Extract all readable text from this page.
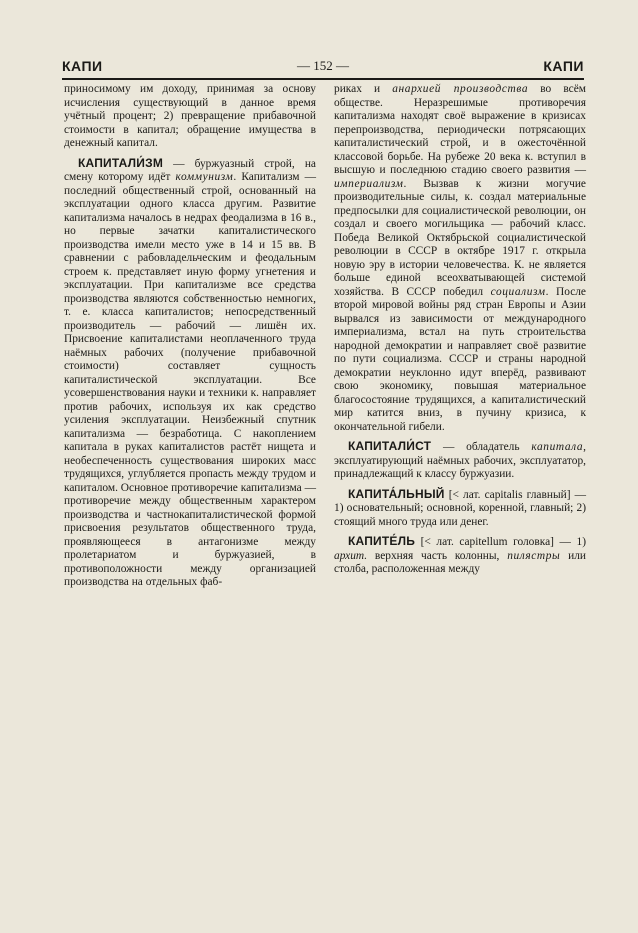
КАПИ	— 152 —	КАПИ

приносимому им доходу, принимая за основу исчисления существующий в данное время учётный процент; 2) превращение прибавочной стоимости в капитал; обращение имущества в денежный капитал.

КАПИТАЛИ́ЗМ — буржуазный строй, на смену которому идёт коммунизм. Капитализм — последний общественный строй, основанный на эксплуатации одного класса другим. Развитие капитализма началось в недрах феодализма в 16 в., но первые зачатки капиталистического производства имели место уже в 14 и 15 вв. В сравнении с рабовладельческим и феодальным строем к. представляет иную форму угнетения и эксплуатации. При капитализме все средства производства являются собственностью немногих, т. е. класса капиталистов; непосредственный производитель — рабочий — лишён их. Присвоение капиталистами неоплаченного труда наёмных рабочих (получение прибавочной стоимости) составляет сущность капиталистической эксплуатации. Все усовершенствования науки и техники к. направляет против рабочих, используя их как средство усиления эксплуатации. Неизбежный спутник капитализма — безработица. С накоплением капитала в руках капиталистов растёт нищета и необеспеченность существования широких масс трудящихся, углубляется пропасть между трудом и капиталом. Основное противоречие капитализма — противоречие между общественным характером производства и частнокапиталистической формой присвоения результатов общественного труда, проявляющееся в антагонизме между пролетариатом и буржуазией, в противоположности между организацией производства на отдельных фаб-

риках и анархией производства во всём обществе. Неразрешимые противоречия капитализма находят своё выражение в кризисах перепроизводства, периодически потрясающих капиталистический строй, и в ожесточённой классовой борьбе. На рубеже 20 века к. вступил в высшую и последнюю стадию своего развития — империализм. Вызвав к жизни могучие производительные силы, к. создал материальные предпосылки для социалистической революции, он создал и своего могильщика — рабочий класс. Победа Великой Октябрьской социалистической революции в СССР в октябре 1917 г. открыла новую эру в истории человечества. К. не является больше единой всеохватывающей системой хозяйства. В СССР победил социализм. После второй мировой войны ряд стран Европы и Азии вырвался из зависимости от международного империализма, встал на путь строительства народной демократии и направляет своё развитие по пути социализма. СССР и страны народной демократии неуклонно идут вперёд, развивают свою экономику, повышая материальное благосостояние трудящихся, а капиталистический мир катится вниз, в пучину кризиса, к окончательной гибели.

КАПИТАЛИ́СТ — обладатель капитала, эксплуатирующий наёмных рабочих, эксплуататор, принадлежащий к классу буржуазии.

КАПИТА́ЛЬНЫЙ [< лат. capitalis главный] — 1) основательный; основной, коренной, главный; 2) стоящий много труда или денег.

КАПИТЕ́ЛЬ [< лат. capitellum головка] — 1) архит. верхняя часть колонны, пилястры или столба, расположенная между
